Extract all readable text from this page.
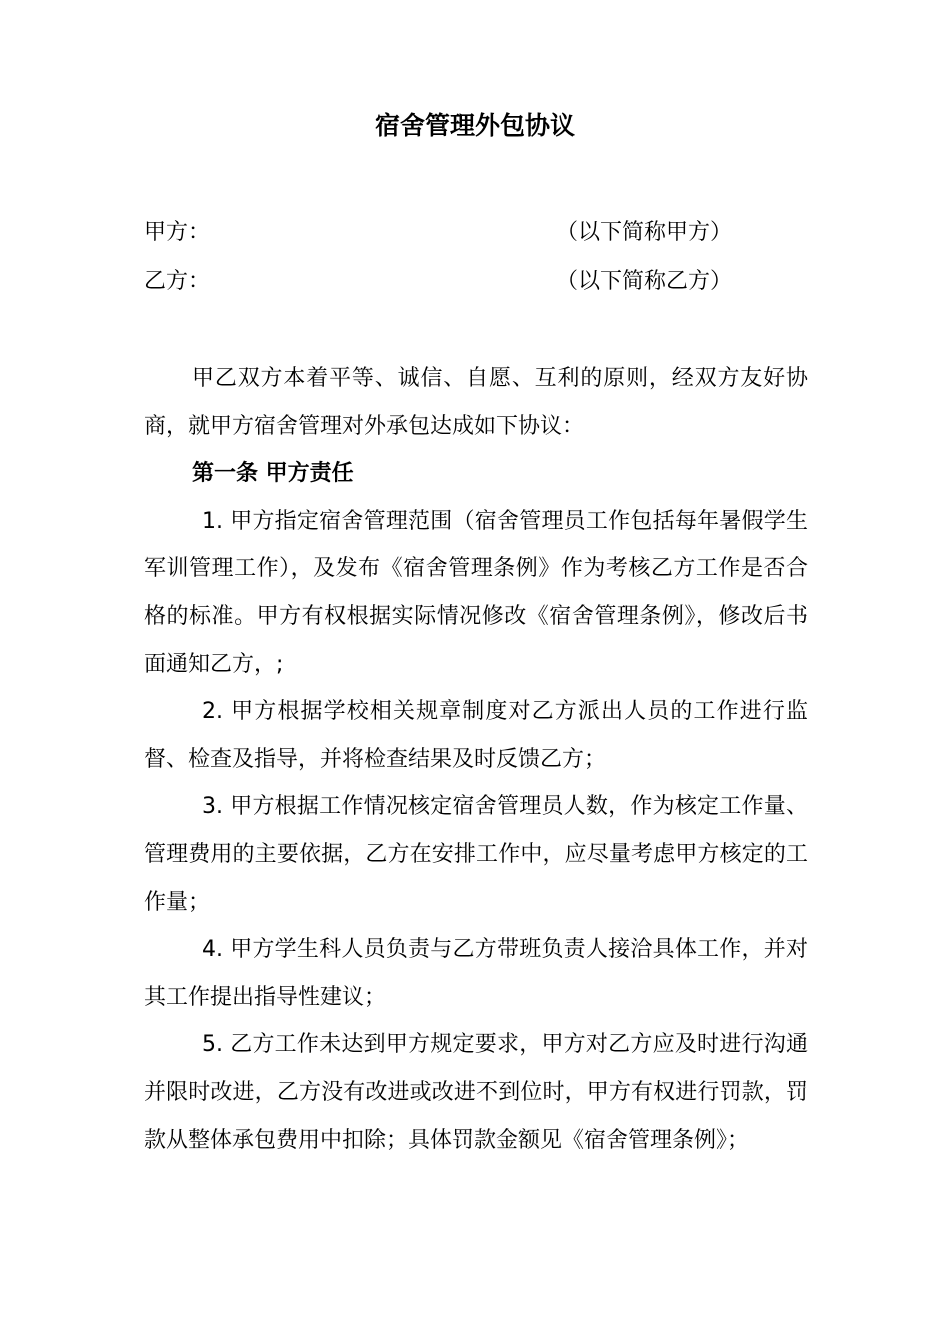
宿舍管理外包协议
甲方：	（以下简称甲方）
乙方：	（以下简称乙方）

甲乙双方本着平等、诚信、自愿、互利的原则，经双方友好协商，就甲方宿舍管理对外承包达成如下协议：

第一条 甲方责任

1. 甲方指定宿舍管理范围（宿舍管理员工作包括每年暑假学生军训管理工作），及发布《宿舍管理条例》作为考核乙方工作是否合格的标准。甲方有权根据实际情况修改《宿舍管理条例》，修改后书面通知乙方，;

2. 甲方根据学校相关规章制度对乙方派出人员的工作进行监督、检查及指导，并将检查结果及时反馈乙方；

3. 甲方根据工作情况核定宿舍管理员人数，作为核定工作量、管理费用的主要依据，乙方在安排工作中，应尽量考虑甲方核定的工作量；

4. 甲方学生科人员负责与乙方带班负责人接洽具体工作，并对其工作提出指导性建议；

5. 乙方工作未达到甲方规定要求，甲方对乙方应及时进行沟通并限时改进，乙方没有改进或改进不到位时，甲方有权进行罚款，罚款从整体承包费用中扣除；具体罚款金额见《宿舍管理条例》；
